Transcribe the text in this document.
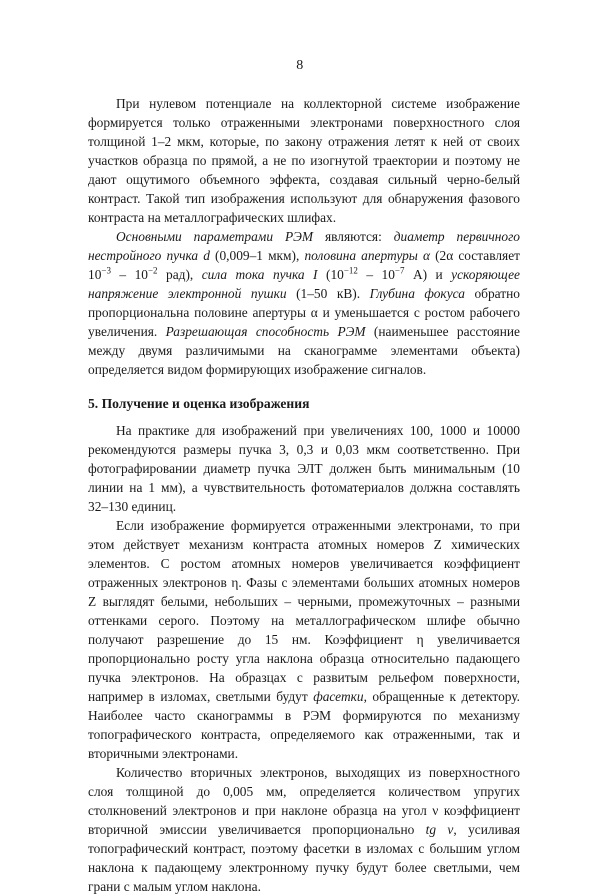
8

При нулевом потенциале на коллекторной системе изображение формируется только отраженными электронами поверхностного слоя толщиной 1–2 мкм, которые, по закону отражения летят к ней от своих участков образца по прямой, а не по изогнутой траектории и поэтому не дают ощутимого объемного эффекта, создавая сильный черно-белый контраст. Такой тип изображения используют для обнаружения фазового контраста на металлографических шлифах.

Основными параметрами РЭМ являются: диаметр первичного нестройного пучка d (0,009–1 мкм), половина апертуры α (2α составляет $10^{-3} - 10^{-2}$ рад), сила тока пучка I ($10^{-12} - 10^{-7}$ А) и ускоряющее напряжение электронной пушки (1–50 кВ). Глубина фокуса обратно пропорциональна половине апертуры α и уменьшается с ростом рабочего увеличения. Разрешающая способность РЭМ (наименьшее расстояние между двумя различимыми на сканограмме элементами объекта) определяется видом формирующих изображение сигналов.

5. Получение и оценка изображения

На практике для изображений при увеличениях 100, 1000 и 10000 рекомендуются размеры пучка 3, 0,3 и 0,03 мкм соответственно. При фотографировании диаметр пучка ЭЛТ должен быть минимальным (10 линии на 1 мм), а чувствительность фотоматериалов должна составлять 32–130 единиц.

Если изображение формируется отраженными электронами, то при этом действует механизм контраста атомных номеров Z химических элементов. С ростом атомных номеров увеличивается коэффициент отраженных электронов η. Фазы с элементами больших атомных номеров Z выглядят белыми, небольших – черными, промежуточных – разными оттенками серого. Поэтому на металлографическом шлифе обычно получают разрешение до 15 нм. Коэффициент η увеличивается пропорционально росту угла наклона образца относительно падающего пучка электронов. На образцах с развитым рельефом поверхности, например в изломах, светлыми будут фасетки, обращенные к детектору. Наиболее часто сканограммы в РЭМ формируются по механизму топографического контраста, определяемого как отраженными, так и вторичными электронами.

Количество вторичных электронов, выходящих из поверхностного слоя толщиной до 0,005 мм, определяется количеством упругих столкновений электронов и при наклоне образца на угол ν коэффициент вторичной эмиссии увеличивается пропорционально tg ν, усиливая топографический контраст, поэтому фасетки в изломах с большим углом наклона к падающему электронному пучку будут более светлыми, чем грани с малым углом наклона.
